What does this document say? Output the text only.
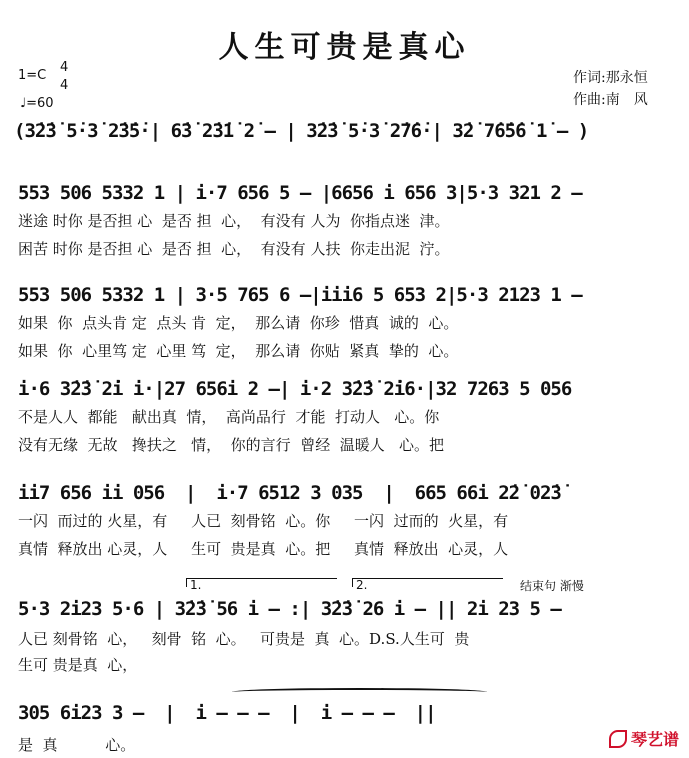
人生可贵是真心
1=C
4
4
♩=60
作词:那永恒
作曲:南　风
(3̇2̇3̇ 5̇·3̇ 2̇3̇5̇·| 6̇3̇ 2̇3̇1̇ 2̇ – | 3̇2̇3̇ 5̇·3̇ 2̇7̇6̇·| 3̇2̇ 7̇6̇5̇6̇ 1̇ – )
553 506 5332 1 | i·7 656 5 – |6656 i 656 3|5·3 321 2 –
迷途 时你 是否担 心  是否 担  心，  有没有 人为  你指点迷  津。
困苦 时你 是否担 心  是否 担  心，  有没有 人扶  你走出泥  泞。
553 506 5332 1 | 3·5 765 6 –|iii6 5 653 2|5·3 2123 1 –
如果  你  点头肯 定  点头 肯  定，  那么请  你珍  惜真  诚的  心。
如果  你  心里笃 定  心里 笃  定，  那么请  你贴  紧真  挚的  心。
i·6 3̇2̇3̇ 2̇i i·|27 656i 2 –| i·2 3̇2̇3̇ 2̇i6·|32 7263 5 056
不是人人  都能   献出真  情，  高尚品行  才能  打动人   心。你
没有无缘  无故   搀扶之   情，  你的言行  曾经  温暖人   心。把
ii7 656 ii 056  |  i·7 6512 3 035  |  665 66i 2̇2̇ 02̇3̇
一闪  而过的 火星，有     人已  刻骨铭  心。你     一闪  过而的  火星，有
真情  释放出 心灵，人     生可  贵是真  心。把     真情  释放出  心灵，人
1.	2.	结束句 渐慢
5·3 2i23 5·6 | 3̇2̇3̇ 56 i – :| 3̇2̇3̇ 26 i – || 2i 23 5 –
人已 刻骨铭  心，   刻骨  铭  心。   可贵是  真  心。D.S.人生可  贵
生可 贵是真  心，
305 6i23 3 –  |  i – – –  |  i – – –  ||
是  真          心。	琴艺谱
